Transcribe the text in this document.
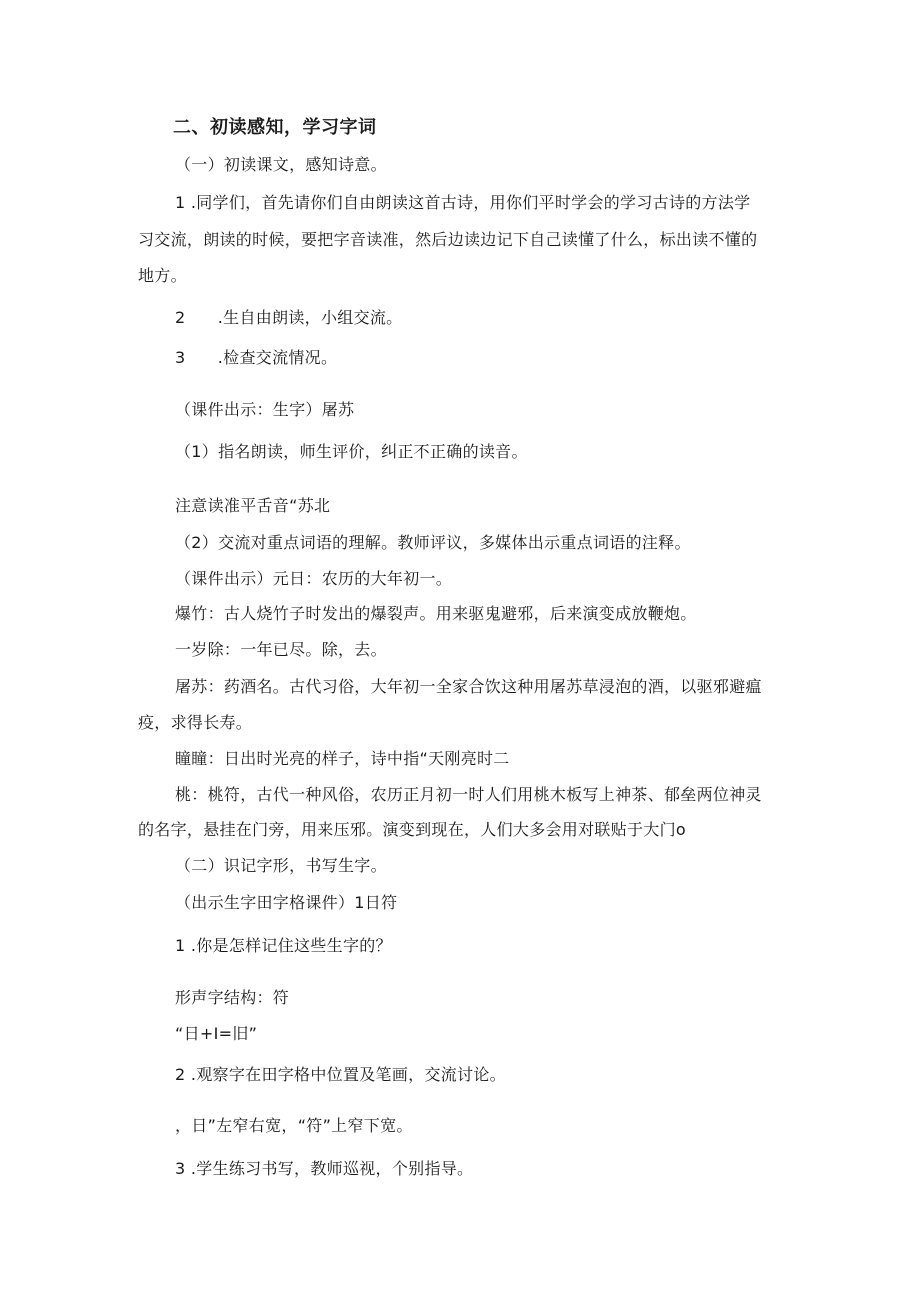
二、初读感知，学习字词
（一）初读课文，感知诗意。
1 .同学们，首先请你们自由朗读这首古诗，用你们平时学会的学习古诗的方法学
习交流，朗读的时候，要把字音读准，然后边读边记下自己读懂了什么，标出读不懂的
地方。
2      .生自由朗读，小组交流。
3      .检查交流情况。
（课件出示：生字）屠苏
（1）指名朗读，师生评价，纠正不正确的读音。
注意读准平舌音“苏北
（2）交流对重点词语的理解。教师评议，多媒体出示重点词语的注释。
（课件出示）元日：农历的大年初一。
爆竹：古人烧竹子时发出的爆裂声。用来驱鬼避邪，后来演变成放鞭炮。
一岁除：一年已尽。除，去。
屠苏：药酒名。古代习俗，大年初一全家合饮这种用屠苏草浸泡的酒，以驱邪避瘟
疫，求得长寿。
瞳瞳：日出时光亮的样子，诗中指“天刚亮时二
桃：桃符，古代一种风俗，农历正月初一时人们用桃木板写上神茶、郁垒两位神灵
的名字，悬挂在门旁，用来压邪。演变到现在，人们大多会用对联贴于大门o
（二）识记字形，书写生字。
（出示生字田字格课件）1日符
1 .你是怎样记住这些生字的？
形声字结构：符
“日+I=旧”
2 .观察字在田字格中位置及笔画，交流讨论。
，日”左窄右宽，“符”上窄下宽。
3 .学生练习书写，教师巡视，个别指导。
